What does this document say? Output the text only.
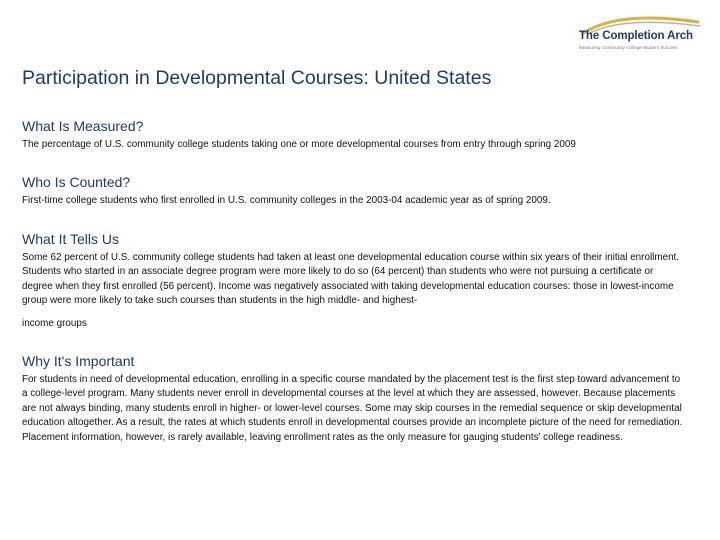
The Completion Arch
Measuring Community College Student Success
Participation in Developmental Courses: United States
What Is Measured?

The percentage of U.S. community college students taking one or more developmental courses from entry through spring 2009

Who Is Counted?

First-time college students who first enrolled in U.S. community colleges in the 2003-04 academic year as of spring 2009.

What It Tells Us
Some 62 percent of U.S. community college students had taken at least one developmental education course within six years of their initial enrollment. Students who started in an associate degree program were more likely to do so (64 percent) than students who were not pursuing a certificate or degree when they first enrolled (56 percent). Income was negatively associated with taking developmental education courses: those in lowest-income group were more likely to take such courses than students in the high middle- and highest-
income groups
Why It's Important

For students in need of developmental education, enrolling in a specific course mandated by the placement test is the first step toward advancement to a college-level program. Many students never enroll in developmental courses at the level at which they are assessed, however. Because placements are not always binding, many students enroll in higher- or lower-level courses. Some may skip courses in the remedial sequence or skip developmental education altogether. As a result, the rates at which students enroll in developmental courses provide an incomplete picture of the need for remediation. Placement information, however, is rarely available, leaving enrollment rates as the only measure for gauging students' college readiness.
